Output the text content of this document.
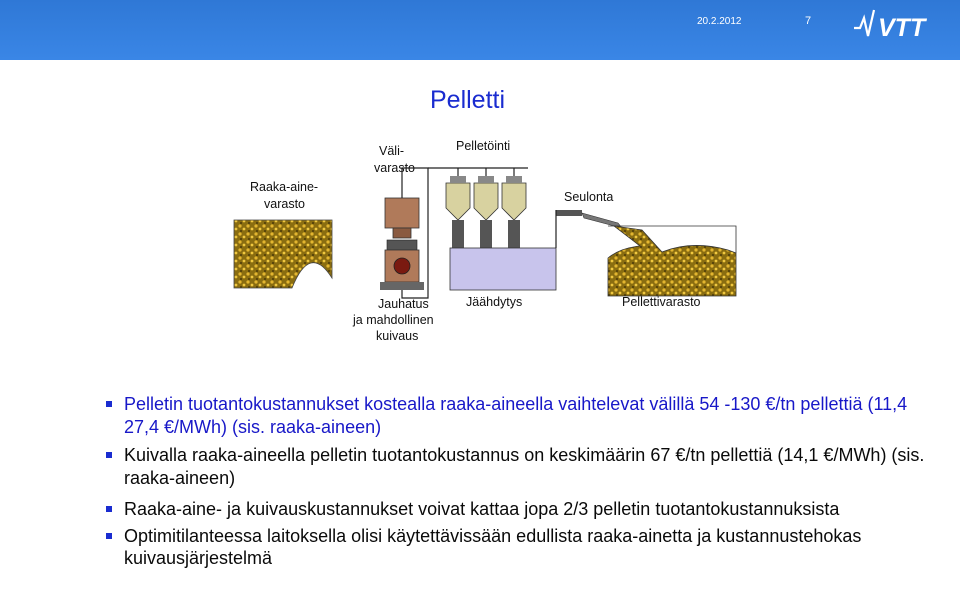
20.2.2012	7	VTT
Pelletti
Raaka-aine-
varasto
Väli-
varasto
Jauhatus
ja mahdollinen
kuivaus
Pelletöinti
Jäähdytys
Seulonta
Pellettivarasto
Pelletin tuotantokustannukset kostealla raaka-aineella vaihtelevat välillä 54 -130 €/tn pellettiä (11,4 27,4 €/MWh) (sis. raaka-aineen)
Kuivalla raaka-aineella pelletin tuotantokustannus on keskimäärin 67 €/tn pellettiä (14,1 €/MWh) (sis. raaka-aineen)
Raaka-aine- ja kuivauskustannukset voivat kattaa jopa 2/3 pelletin tuotantokustannuksista
Optimitilanteessa laitoksella olisi käytettävissään edullista raaka-ainetta ja kustannustehokas kuivausjärjestelmä
